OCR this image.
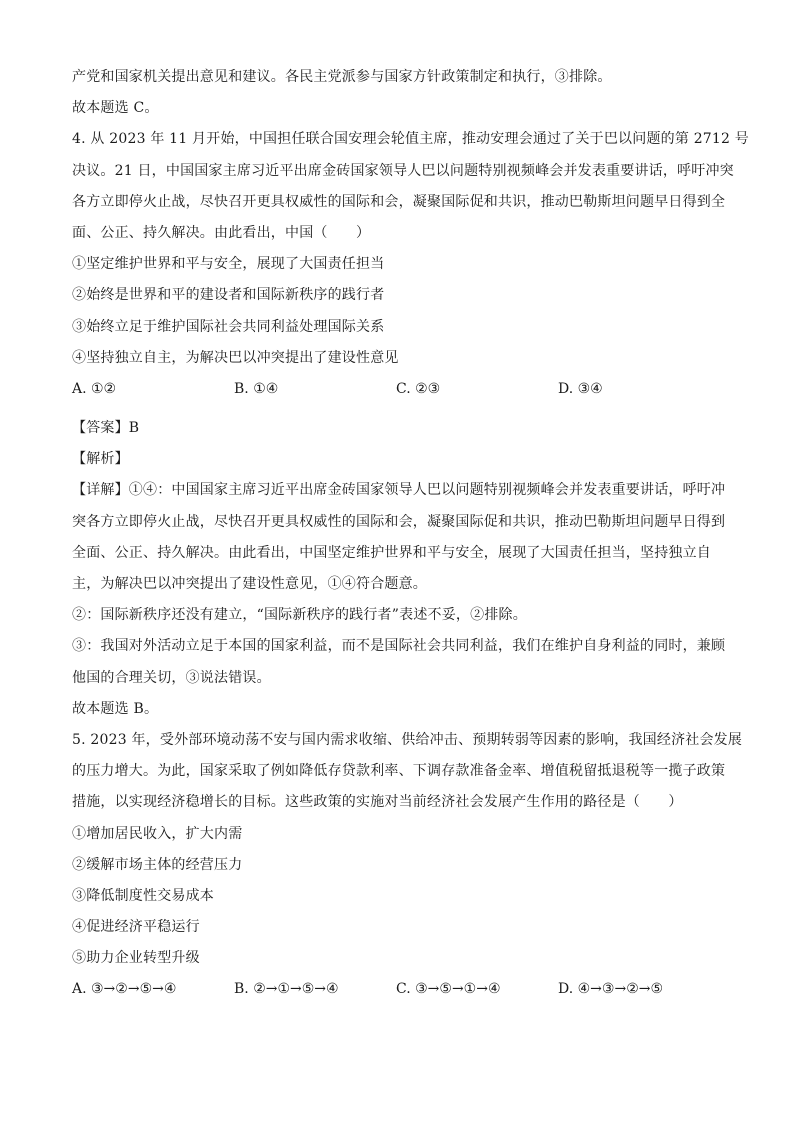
产党和国家机关提出意见和建议。各民主党派参与国家方针政策制定和执行，③排除。
故本题选 C。
4. 从 2023 年 11 月开始，中国担任联合国安理会轮值主席，推动安理会通过了关于巴以问题的第 2712 号
决议。21 日，中国国家主席习近平出席金砖国家领导人巴以问题特别视频峰会并发表重要讲话，呼吁冲突
各方立即停火止战，尽快召开更具权威性的国际和会，凝聚国际促和共识，推动巴勒斯坦问题早日得到全
面、公正、持久解决。由此看出，中国（　　）
①坚定维护世界和平与安全，展现了大国责任担当
②始终是世界和平的建设者和国际新秩序的践行者
③始终立足于维护国际社会共同利益处理国际关系
④坚持独立自主，为解决巴以冲突提出了建设性意见
A. ①②	B. ①④	C. ②③	D. ③④
【答案】B
【解析】
【详解】①④：中国国家主席习近平出席金砖国家领导人巴以问题特别视频峰会并发表重要讲话，呼吁冲
突各方立即停火止战，尽快召开更具权威性的国际和会，凝聚国际促和共识，推动巴勒斯坦问题早日得到
全面、公正、持久解决。由此看出，中国坚定维护世界和平与安全，展现了大国责任担当，坚持独立自
主，为解决巴以冲突提出了建设性意见，①④符合题意。
②：国际新秩序还没有建立，“国际新秩序的践行者”表述不妥，②排除。
③：我国对外活动立足于本国的国家利益，而不是国际社会共同利益，我们在维护自身利益的同时，兼顾
他国的合理关切，③说法错误。
故本题选 B。
5. 2023 年，受外部环境动荡不安与国内需求收缩、供给冲击、预期转弱等因素的影响，我国经济社会发展
的压力增大。为此，国家采取了例如降低存贷款利率、下调存款准备金率、增值税留抵退税等一揽子政策
措施，以实现经济稳增长的目标。这些政策的实施对当前经济社会发展产生作用的路径是（　　）
①增加居民收入，扩大内需
②缓解市场主体的经营压力
③降低制度性交易成本
④促进经济平稳运行
⑤助力企业转型升级
A. ③→②→⑤→④	B. ②→①→⑤→④	C. ③→⑤→①→④	D. ④→③→②→⑤
